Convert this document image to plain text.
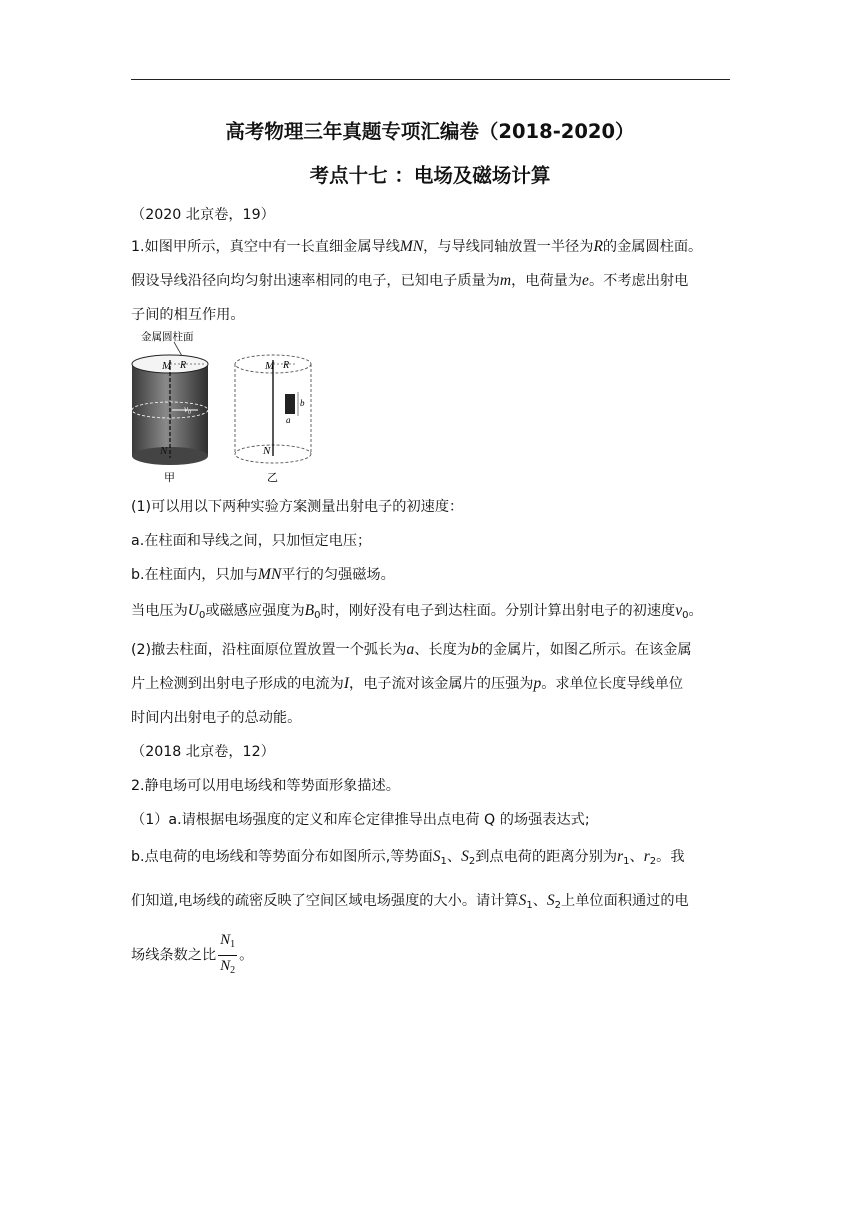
高考物理三年真题专项汇编卷（2018-2020）
考点十七 ：电场及磁场计算
（2020 北京卷，19）
1.如图甲所示，真空中有一长直细金属导线MN，与导线同轴放置一半径为R的金属圆柱面。
假设导线沿径向均匀射出速率相同的电子，已知电子质量为m，电荷量为e。不考虑出射电
子间的相互作用。
金属圆柱面
M R
v₀
N
甲
M R
b
a
N
乙
(1)可以用以下两种实验方案测量出射电子的初速度：
a.在柱面和导线之间，只加恒定电压；
b.在柱面内，只加与MN平行的匀强磁场。
当电压为$U_0$或磁感应强度为$B_0$时，刚好没有电子到达柱面。分别计算出射电子的初速度$v_0$。
(2)撤去柱面，沿柱面原位置放置一个弧长为a、长度为b的金属片，如图乙所示。在该金属
片上检测到出射电子形成的电流为I，电子流对该金属片的压强为p。求单位长度导线单位
时间内出射电子的总动能。
（2018 北京卷，12）
2.静电场可以用电场线和等势面形象描述。
（1）a.请根据电场强度的定义和库仑定律推导出点电荷 Q 的场强表达式;
b.点电荷的电场线和等势面分布如图所示,等势面$S_1$、$S_2$到点电荷的距离分别为$r_1$、$r_2$。我
们知道,电场线的疏密反映了空间区域电场强度的大小。请计算$S_1$、$S_2$上单位面积通过的电
场线条数之比 $\frac{N_1}{N_2}$ 。
